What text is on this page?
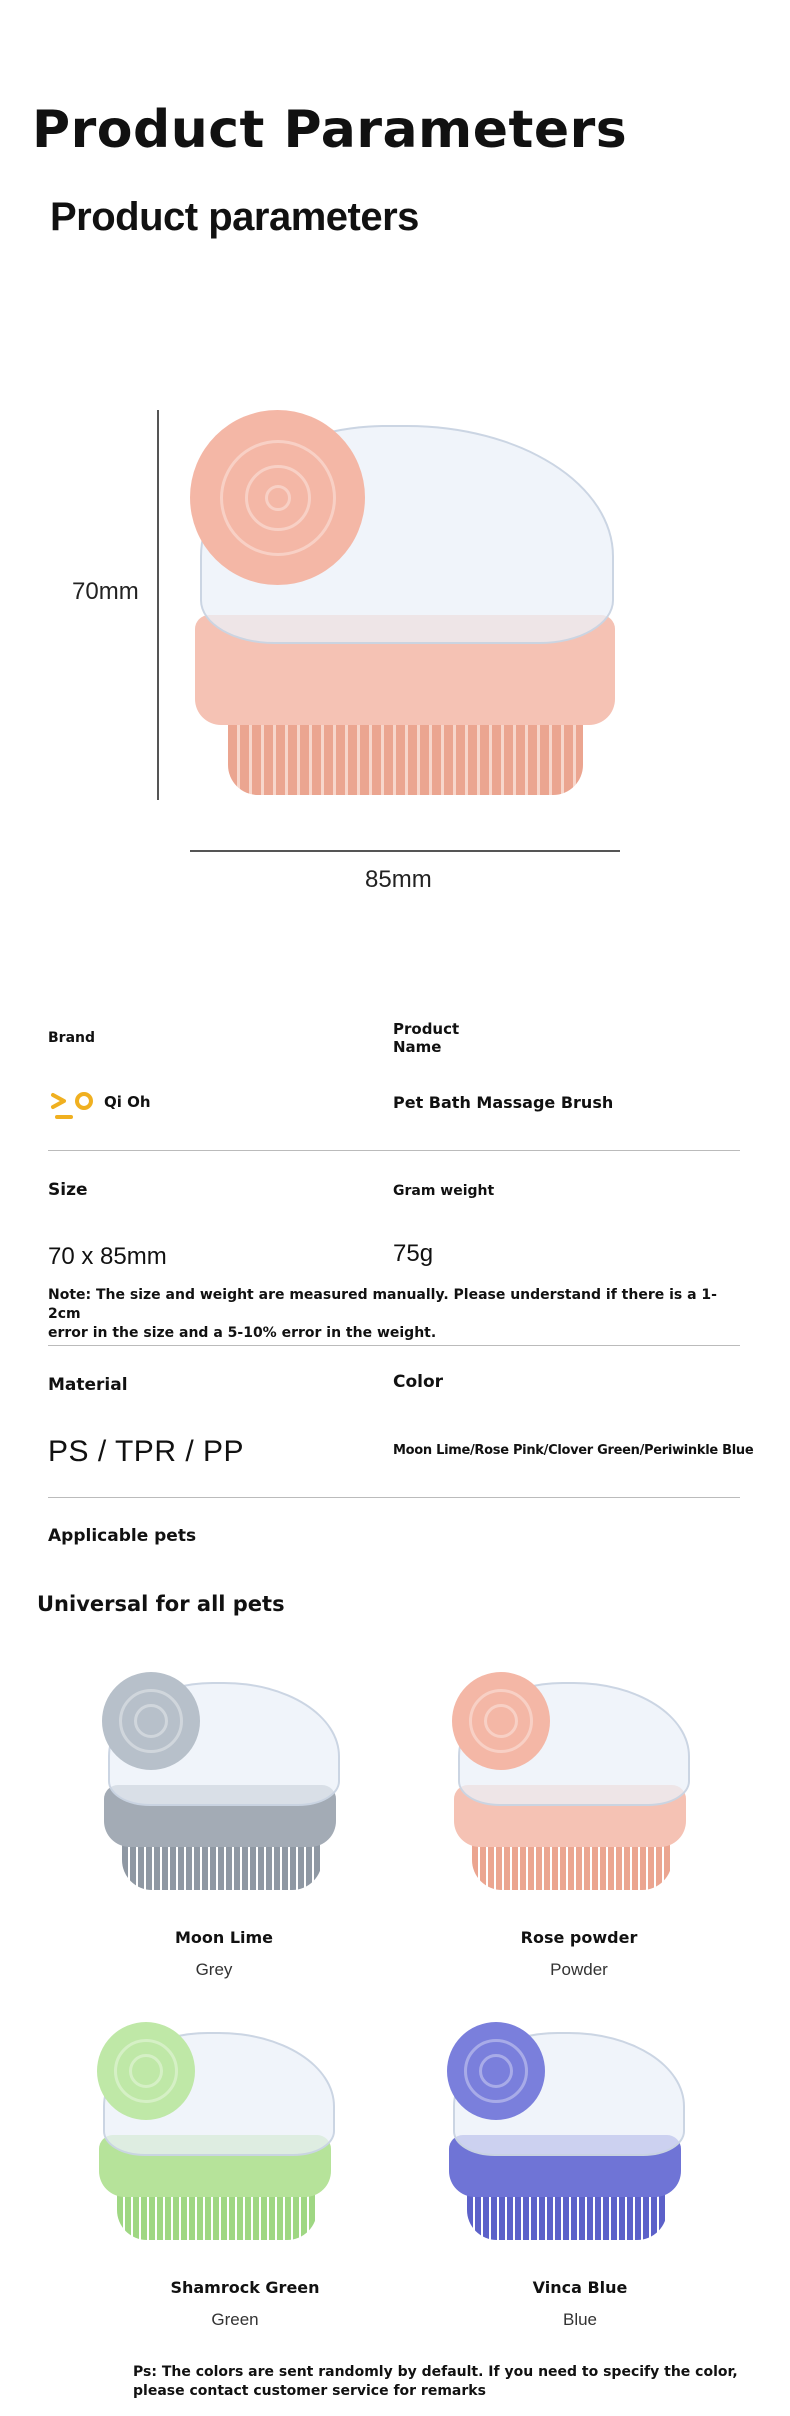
Product Parameters
Product parameters
70mm
85mm
Brand	Product
Name
Qi Oh	Pet Bath Massage Brush
Size	Gram weight
70 x 85mm	75g
Note: The size and weight are measured manually. Please understand if there is a 1-2cm
error in the size and a 5-10% error in the weight.
Material	Color
PS / TPR / PP	Moon Lime/Rose Pink/Clover Green/Periwinkle Blue
Applicable pets
Universal for all pets
Moon Lime
Grey
Rose powder
Powder
Shamrock Green
Green
Vinca Blue
Blue
Ps: The colors are sent randomly by default. If you need to specify the color,
please contact customer service for remarks
